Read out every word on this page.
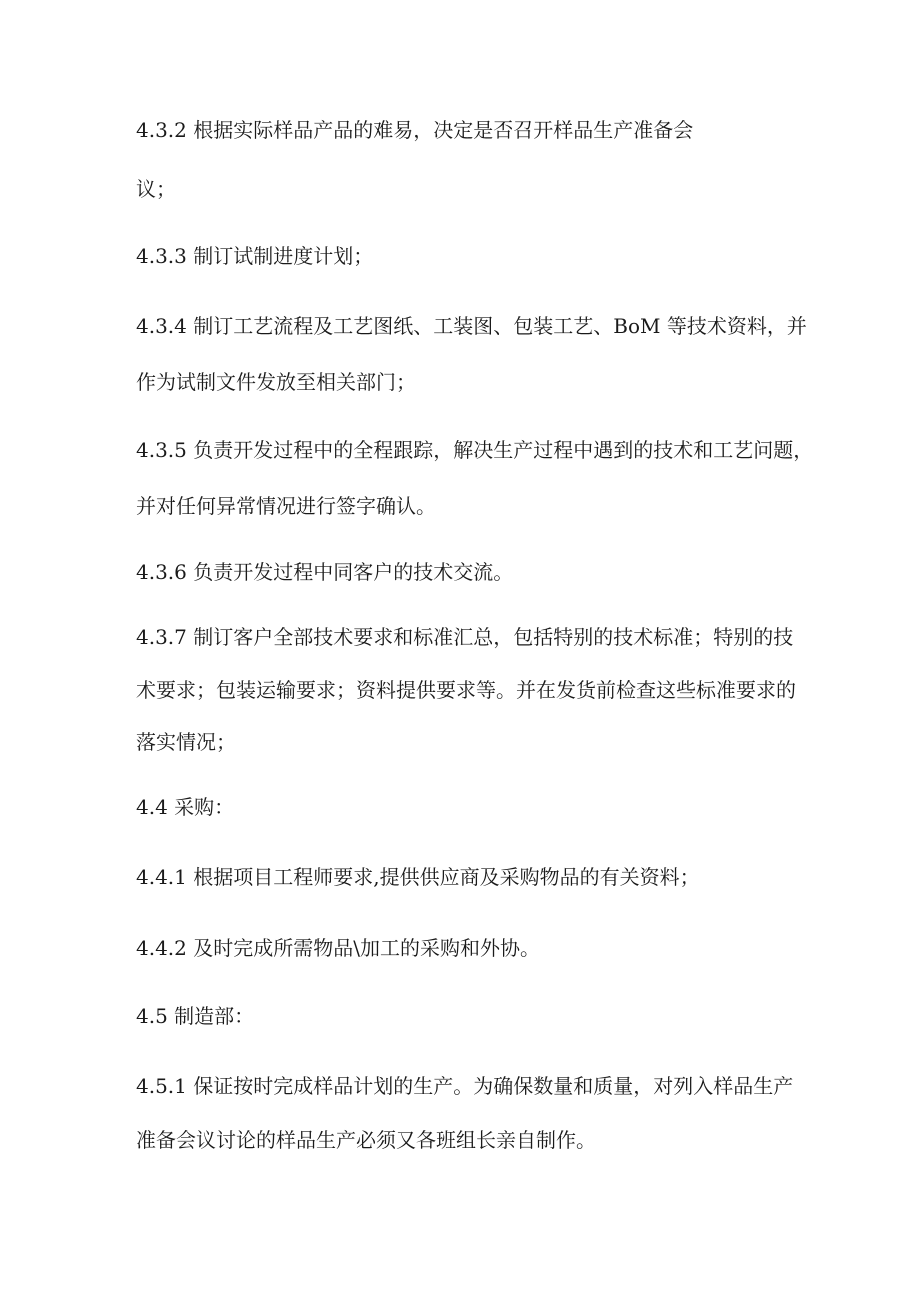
4.3.2 根据实际样品产品的难易，决定是否召开样品生产准备会
议；
4.3.3 制订试制进度计划；
4.3.4 制订工艺流程及工艺图纸、工装图、包装工艺、BoM 等技术资料，并
作为试制文件发放至相关部门；
4.3.5 负责开发过程中的全程跟踪，解决生产过程中遇到的技术和工艺问题，
并对任何异常情况进行签字确认。
4.3.6 负责开发过程中同客户的技术交流。
4.3.7 制订客户全部技术要求和标准汇总，包括特别的技术标准；特别的技
术要求；包装运输要求；资料提供要求等。并在发货前检查这些标准要求的
落实情况；
4.4 采购：
4.4.1 根据项目工程师要求,提供供应商及采购物品的有关资料；
4.4.2 及时完成所需物品\加工的采购和外协。
4.5 制造部：
4.5.1 保证按时完成样品计划的生产。为确保数量和质量，对列入样品生产
准备会议讨论的样品生产必须又各班组长亲自制作。
